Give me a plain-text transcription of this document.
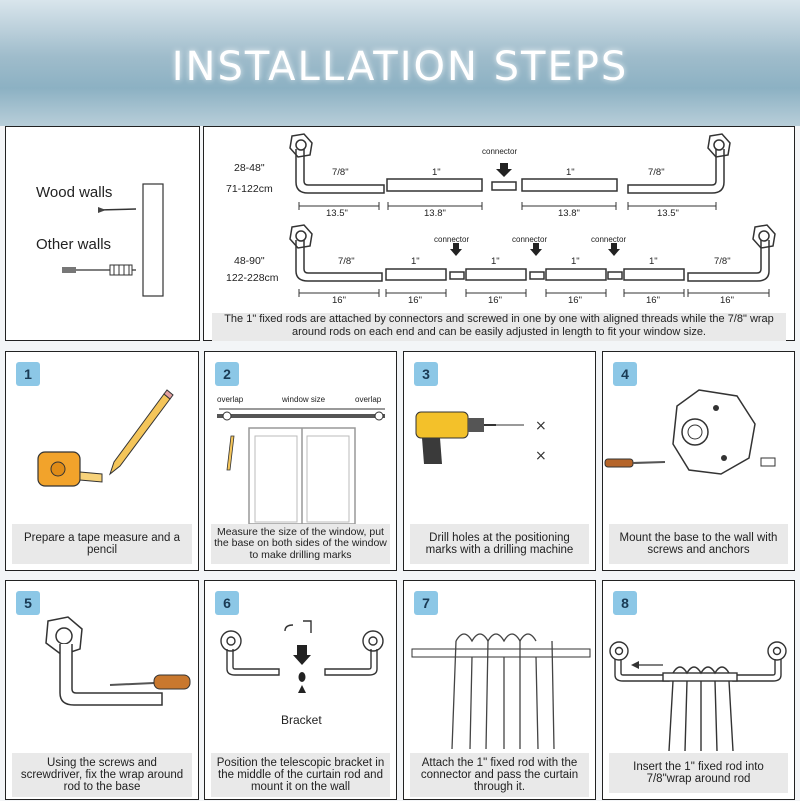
INSTALLATION STEPS
Wood walls
Other walls
28-48"
71-122cm
48-90"
122-228cm
connector
7/8"	1"	1"	7/8"
13.5"	13.8"	13.8"	13.5"
connector	connector	connector
7/8"	1"	1"	1"	1"	7/8"
16"	16"	16"	16"	16"	16"
The 1" fixed rods are attached by connectors and screwed in one by one with aligned threads while the 7/8" wrap around rods on each end and can be easily adjusted in length to fit your window size.
1
Prepare a tape measure and a pencil
2
overlap	window size	overlap
Measure the size of the window, put the base on both sides of the window to make drilling marks
3
×
×
Drill holes at the positioning marks with a drilling machine
4
Mount the base to the wall with screws and anchors
5
Using the screws and screwdriver, fix the wrap around rod to the base
6
Bracket
Position the telescopic bracket in the middle of the curtain rod and mount it on the wall
7
Attach the 1" fixed rod with the connector and pass the curtain through it.
8
Insert the 1" fixed rod into 7/8"wrap around rod
